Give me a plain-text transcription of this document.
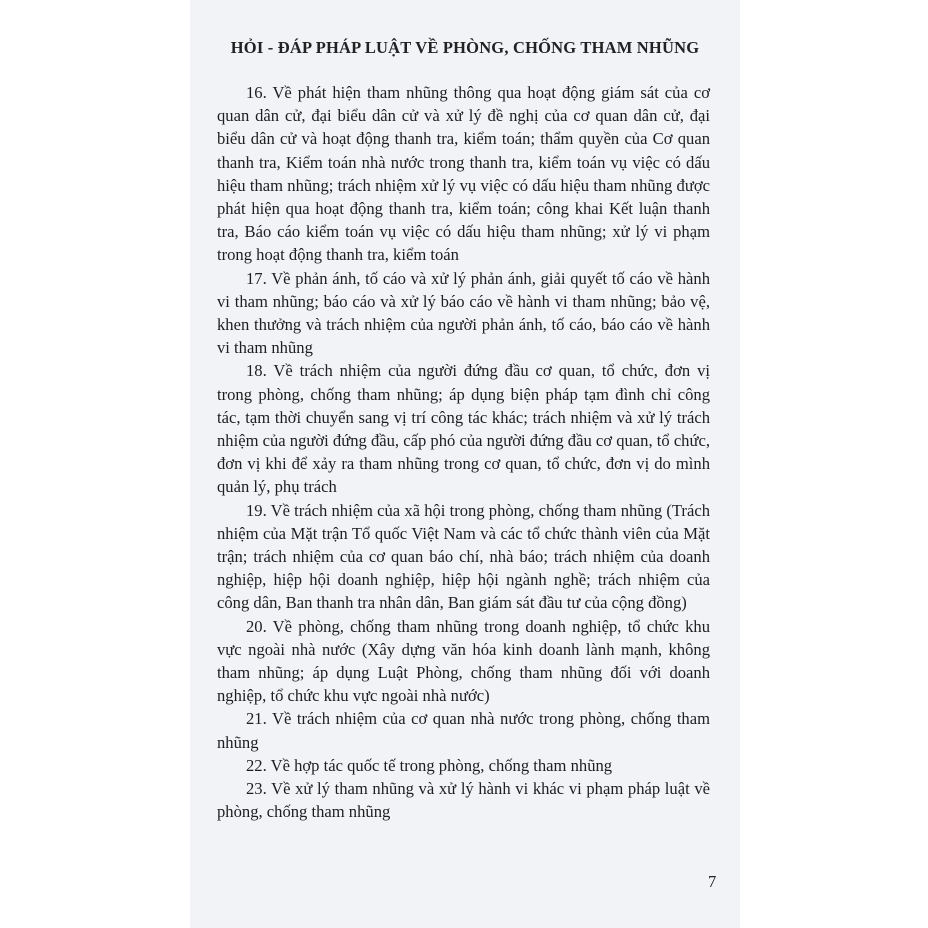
HỎI - ĐÁP PHÁP LUẬT VỀ PHÒNG, CHỐNG THAM NHŨNG

16. Về phát hiện tham nhũng thông qua hoạt động giám sát của cơ quan dân cử, đại biểu dân cử và xử lý đề nghị của cơ quan dân cử, đại biểu dân cử và hoạt động thanh tra, kiểm toán; thẩm quyền của Cơ quan thanh tra, Kiểm toán nhà nước trong thanh tra, kiểm toán vụ việc có dấu hiệu tham nhũng; trách nhiệm xử lý vụ việc có dấu hiệu tham nhũng được phát hiện qua hoạt động thanh tra, kiểm toán; công khai Kết luận thanh tra, Báo cáo kiểm toán vụ việc có dấu hiệu tham nhũng; xử lý vi phạm trong hoạt động thanh tra, kiểm toán

17. Về phản ánh, tố cáo và xử lý phản ánh, giải quyết tố cáo về hành vi tham nhũng; báo cáo và xử lý báo cáo về hành vi tham nhũng; bảo vệ, khen thưởng và trách nhiệm của người phản ánh, tố cáo, báo cáo về hành vi tham nhũng

18. Về trách nhiệm của người đứng đầu cơ quan, tổ chức, đơn vị trong phòng, chống tham nhũng; áp dụng biện pháp tạm đình chỉ công tác, tạm thời chuyển sang vị trí công tác khác; trách nhiệm và xử lý trách nhiệm của người đứng đầu, cấp phó của người đứng đầu cơ quan, tổ chức, đơn vị khi để xảy ra tham nhũng trong cơ quan, tổ chức, đơn vị do mình quản lý, phụ trách

19. Về trách nhiệm của xã hội trong phòng, chống tham nhũng (Trách nhiệm của Mặt trận Tổ quốc Việt Nam và các tổ chức thành viên của Mặt trận; trách nhiệm của cơ quan báo chí, nhà báo; trách nhiệm của doanh nghiệp, hiệp hội doanh nghiệp, hiệp hội ngành nghề; trách nhiệm của công dân, Ban thanh tra nhân dân, Ban giám sát đầu tư của cộng đồng)

20. Về phòng, chống tham nhũng trong doanh nghiệp, tổ chức khu vực ngoài nhà nước (Xây dựng văn hóa kinh doanh lành mạnh, không tham nhũng; áp dụng Luật Phòng, chống tham nhũng đối với doanh nghiệp, tổ chức khu vực ngoài nhà nước)

21. Về trách nhiệm của cơ quan nhà nước trong phòng, chống tham nhũng

22. Về hợp tác quốc tế trong phòng, chống tham nhũng

23. Về xử lý tham nhũng và xử lý hành vi khác vi phạm pháp luật về phòng, chống tham nhũng

7
